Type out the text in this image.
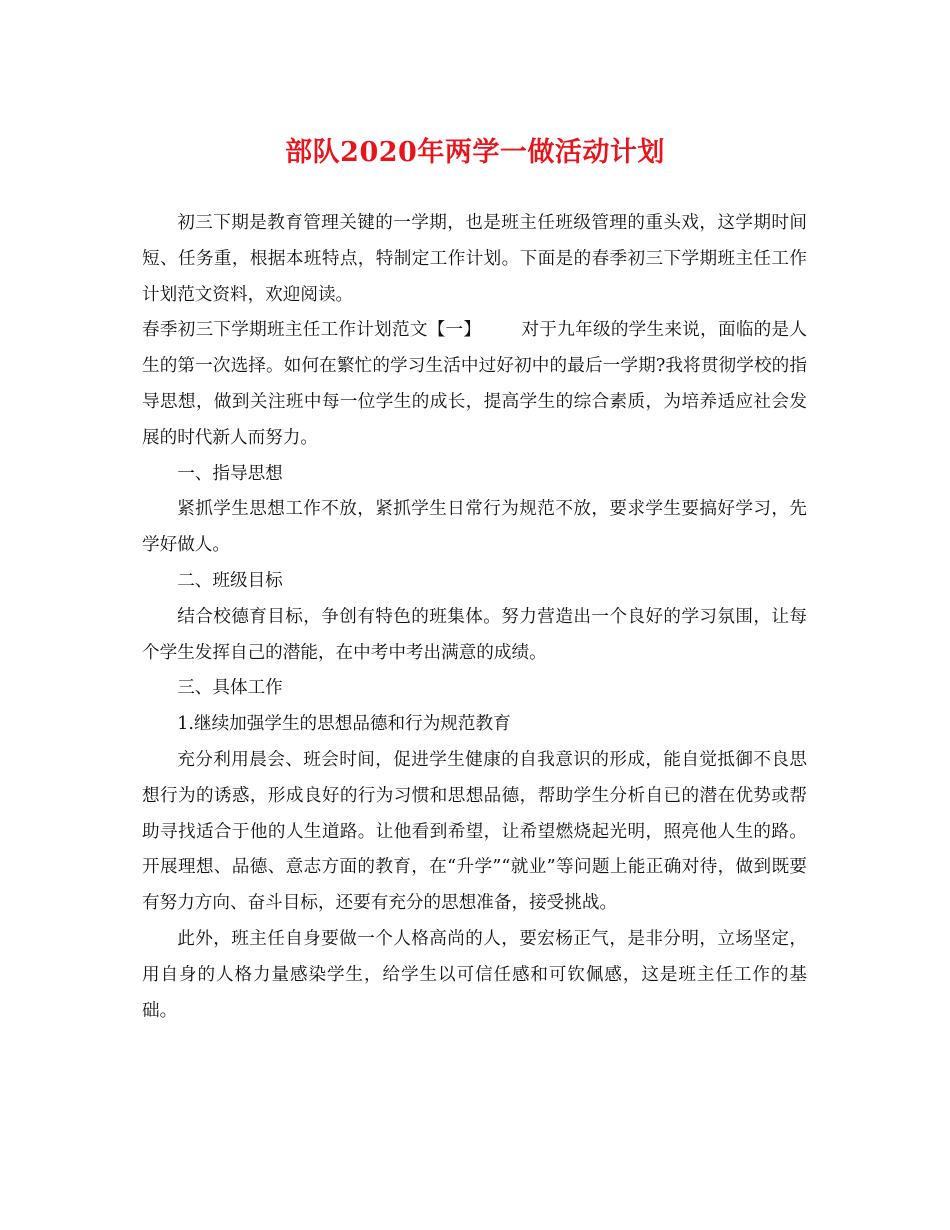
部队2020年两学一做活动计划

初三下期是教育管理关键的一学期，也是班主任班级管理的重头戏，这学期时间短、任务重，根据本班特点，特制定工作计划。下面是的春季初三下学期班主任工作计划范文资料，欢迎阅读。

春季初三下学期班主任工作计划范文【一】 对于九年级的学生来说，面临的是人生的第一次选择。如何在繁忙的学习生活中过好初中的最后一学期?我将贯彻学校的指导思想，做到关注班中每一位学生的成长，提高学生的综合素质，为培养适应社会发展的时代新人而努力。

一、指导思想

紧抓学生思想工作不放，紧抓学生日常行为规范不放，要求学生要搞好学习，先学好做人。

二、班级目标

结合校德育目标，争创有特色的班集体。努力营造出一个良好的学习氛围，让每个学生发挥自己的潜能，在中考中考出满意的成绩。

三、具体工作

1.继续加强学生的思想品德和行为规范教育

充分利用晨会、班会时间，促进学生健康的自我意识的形成，能自觉抵御不良思想行为的诱惑，形成良好的行为习惯和思想品德，帮助学生分析自已的潜在优势或帮助寻找适合于他的人生道路。让他看到希望，让希望燃烧起光明，照亮他人生的路。开展理想、品德、意志方面的教育，在“升学”“就业”等问题上能正确对待，做到既要有努力方向、奋斗目标，还要有充分的思想准备，接受挑战。

此外，班主任自身要做一个人格高尚的人，要宏杨正气，是非分明，立场坚定，用自身的人格力量感染学生，给学生以可信任感和可钦佩感，这是班主任工作的基础。
